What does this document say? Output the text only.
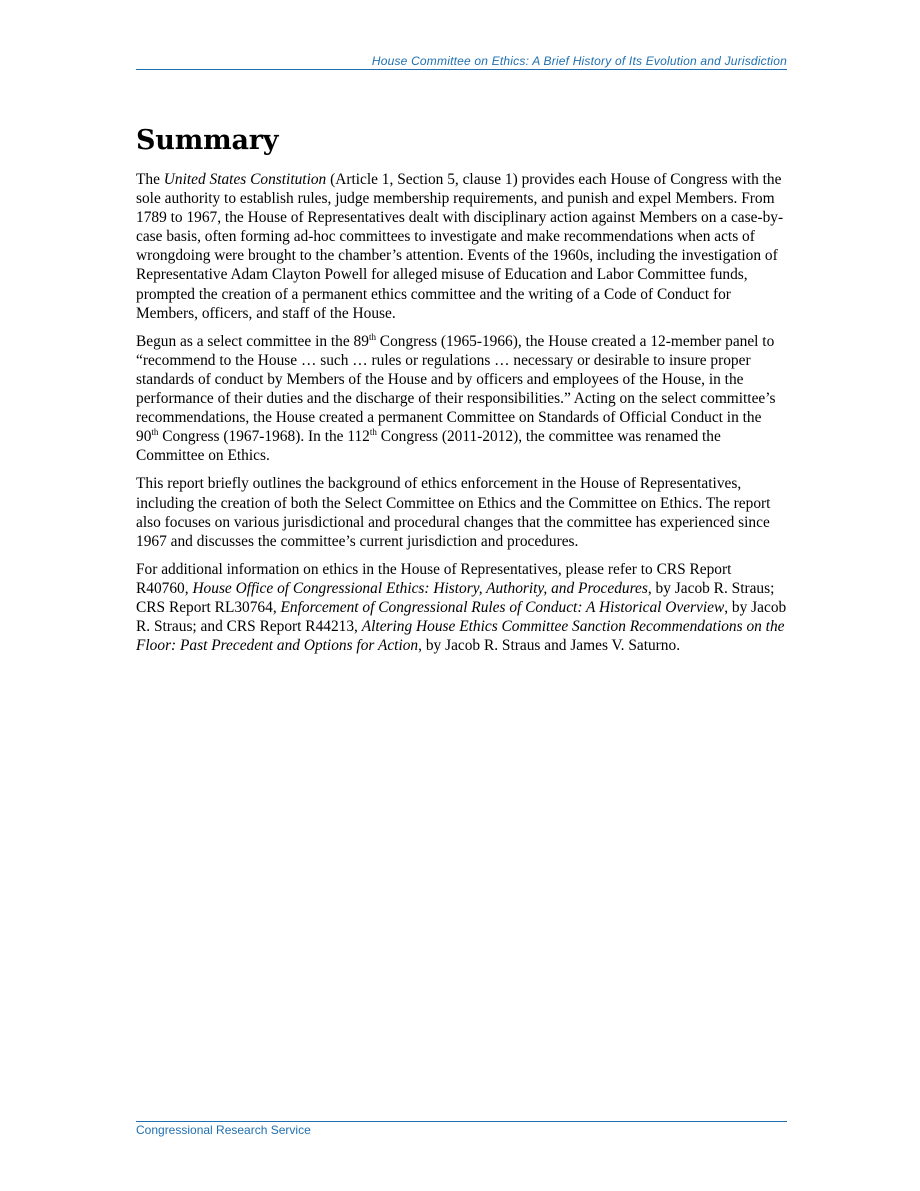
House Committee on Ethics: A Brief History of Its Evolution and Jurisdiction
Summary

The United States Constitution (Article 1, Section 5, clause 1) provides each House of Congress with the sole authority to establish rules, judge membership requirements, and punish and expel Members. From 1789 to 1967, the House of Representatives dealt with disciplinary action against Members on a case-by-case basis, often forming ad-hoc committees to investigate and make recommendations when acts of wrongdoing were brought to the chamber’s attention. Events of the 1960s, including the investigation of Representative Adam Clayton Powell for alleged misuse of Education and Labor Committee funds, prompted the creation of a permanent ethics committee and the writing of a Code of Conduct for Members, officers, and staff of the House.

Begun as a select committee in the 89th Congress (1965-1966), the House created a 12-member panel to “recommend to the House … such … rules or regulations … necessary or desirable to insure proper standards of conduct by Members of the House and by officers and employees of the House, in the performance of their duties and the discharge of their responsibilities.” Acting on the select committee’s recommendations, the House created a permanent Committee on Standards of Official Conduct in the 90th Congress (1967-1968). In the 112th Congress (2011-2012), the committee was renamed the Committee on Ethics.

This report briefly outlines the background of ethics enforcement in the House of Representatives, including the creation of both the Select Committee on Ethics and the Committee on Ethics. The report also focuses on various jurisdictional and procedural changes that the committee has experienced since 1967 and discusses the committee’s current jurisdiction and procedures.

For additional information on ethics in the House of Representatives, please refer to CRS Report R40760, House Office of Congressional Ethics: History, Authority, and Procedures, by Jacob R. Straus; CRS Report RL30764, Enforcement of Congressional Rules of Conduct: A Historical Overview, by Jacob R. Straus; and CRS Report R44213, Altering House Ethics Committee Sanction Recommendations on the Floor: Past Precedent and Options for Action, by Jacob R. Straus and James V. Saturno.

Congressional Research Service
